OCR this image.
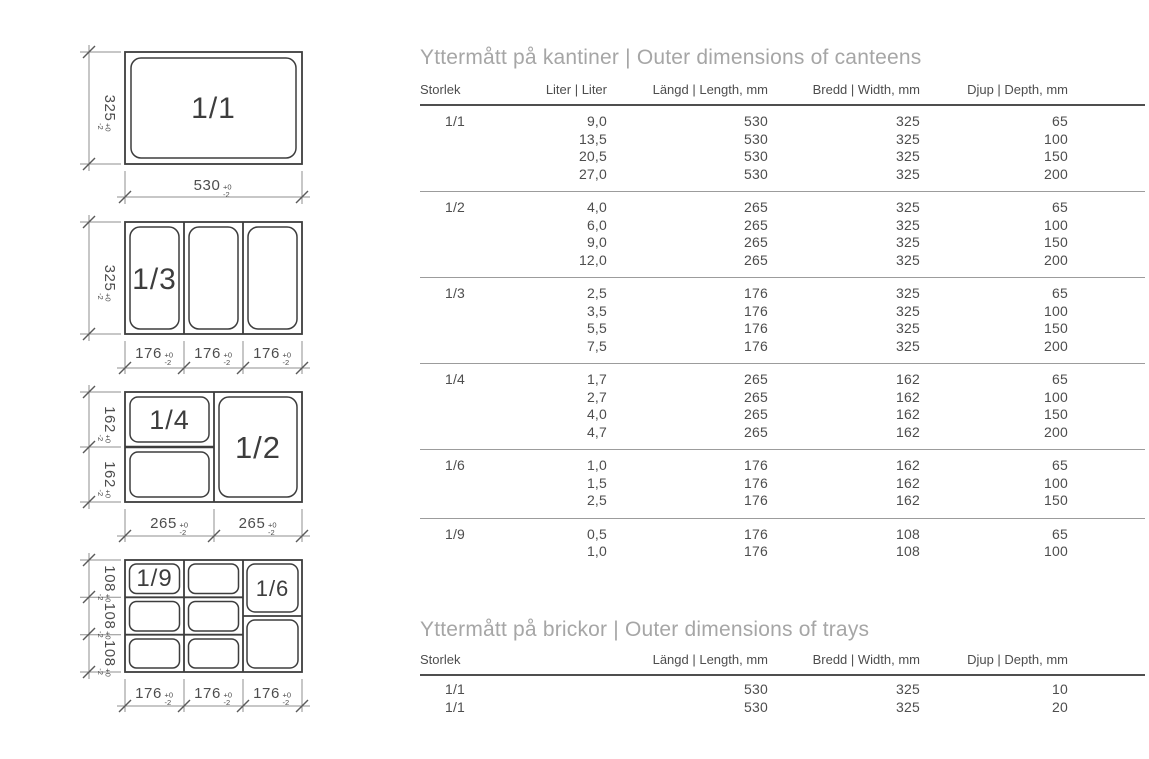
1/1
325
+0
-2
530 +0
-2
1/3
325
+0
-2
176 +0
-2
176 +0
-2
176 +0
-2
1/4
1/2
162
+0
-2
162
+0
-2
265 +0
-2
265 +0
-2
1/9	1/6
108
+0
-2
108
+0
-2
108
+0
-2
176 +0
-2
176 +0
-2
176 +0
-2
Yttermått på kantiner | Outer dimensions of canteens
Storlek	Liter | Liter	Längd | Length, mm	Bredd | Width, mm	Djup | Depth, mm
1/1	9,0	530	325	65
	13,5	530	325	100
	20,5	530	325	150
	27,0	530	325	200
1/2	4,0	265	325	65
	6,0	265	325	100
	9,0	265	325	150
	12,0	265	325	200
1/3	2,5	176	325	65
	3,5	176	325	100
	5,5	176	325	150
	7,5	176	325	200
1/4	1,7	265	162	65
	2,7	265	162	100
	4,0	265	162	150
	4,7	265	162	200
1/6	1,0	176	162	65
	1,5	176	162	100
	2,5	176	162	150
1/9	0,5	176	108	65
	1,0	176	108	100
Yttermått på brickor | Outer dimensions of trays
Storlek	Längd | Length, mm	Bredd | Width, mm	Djup | Depth, mm
1/1	530	325	10
1/1	530	325	20
